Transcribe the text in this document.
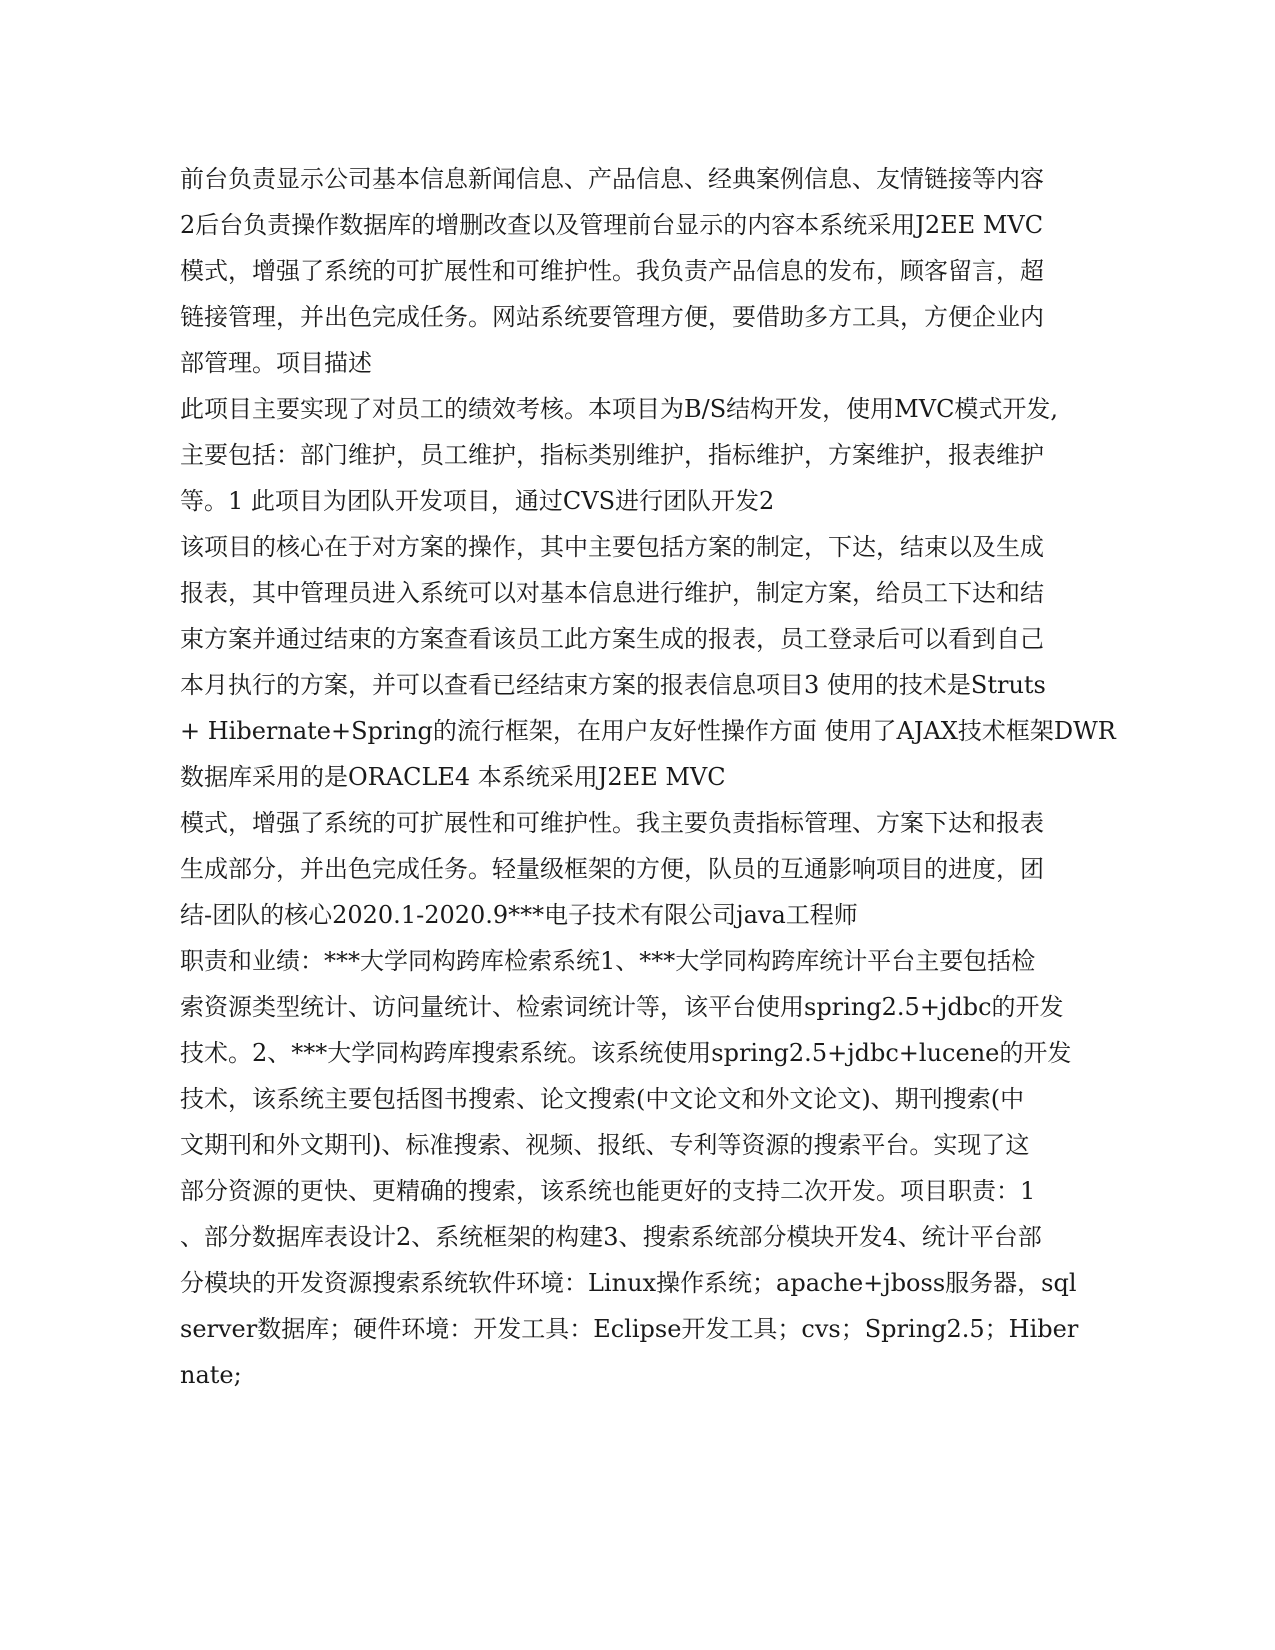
前台负责显示公司基本信息新闻信息、产品信息、经典案例信息、友情链接等内容
2后台负责操作数据库的增删改查以及管理前台显示的内容本系统采用J2EE MVC
模式，增强了系统的可扩展性和可维护性。我负责产品信息的发布，顾客留言，超
链接管理，并出色完成任务。网站系统要管理方便，要借助多方工具，方便企业内
部管理。项目描述
此项目主要实现了对员工的绩效考核。本项目为B/S结构开发，使用MVC模式开发,
主要包括：部门维护，员工维护，指标类别维护，指标维护，方案维护，报表维护
等。1 此项目为团队开发项目，通过CVS进行团队开发2
该项目的核心在于对方案的操作，其中主要包括方案的制定，下达，结束以及生成
报表，其中管理员进入系统可以对基本信息进行维护，制定方案，给员工下达和结
束方案并通过结束的方案查看该员工此方案生成的报表，员工登录后可以看到自己
本月执行的方案，并可以查看已经结束方案的报表信息项目3 使用的技术是Struts
+ Hibernate+Spring的流行框架，在用户友好性操作方面 使用了AJAX技术框架DWR
数据库采用的是ORACLE4 本系统采用J2EE MVC
模式，增强了系统的可扩展性和可维护性。我主要负责指标管理、方案下达和报表
生成部分，并出色完成任务。轻量级框架的方便，队员的互通影响项目的进度，团
结-团队的核心2020.1-2020.9***电子技术有限公司java工程师
职责和业绩：***大学同构跨库检索系统1、***大学同构跨库统计平台主要包括检
索资源类型统计、访问量统计、检索词统计等，该平台使用spring2.5+jdbc的开发
技术。2、***大学同构跨库搜索系统。该系统使用spring2.5+jdbc+lucene的开发
技术，该系统主要包括图书搜索、论文搜索(中文论文和外文论文)、期刊搜索(中
文期刊和外文期刊)、标准搜索、视频、报纸、专利等资源的搜索平台。实现了这
部分资源的更快、更精确的搜索，该系统也能更好的支持二次开发。项目职责：1
、部分数据库表设计2、系统框架的构建3、搜索系统部分模块开发4、统计平台部
分模块的开发资源搜索系统软件环境：Linux操作系统；apache+jboss服务器，sql
server数据库；硬件环境：开发工具：Eclipse开发工具；cvs；Spring2.5；Hiber
nate;
